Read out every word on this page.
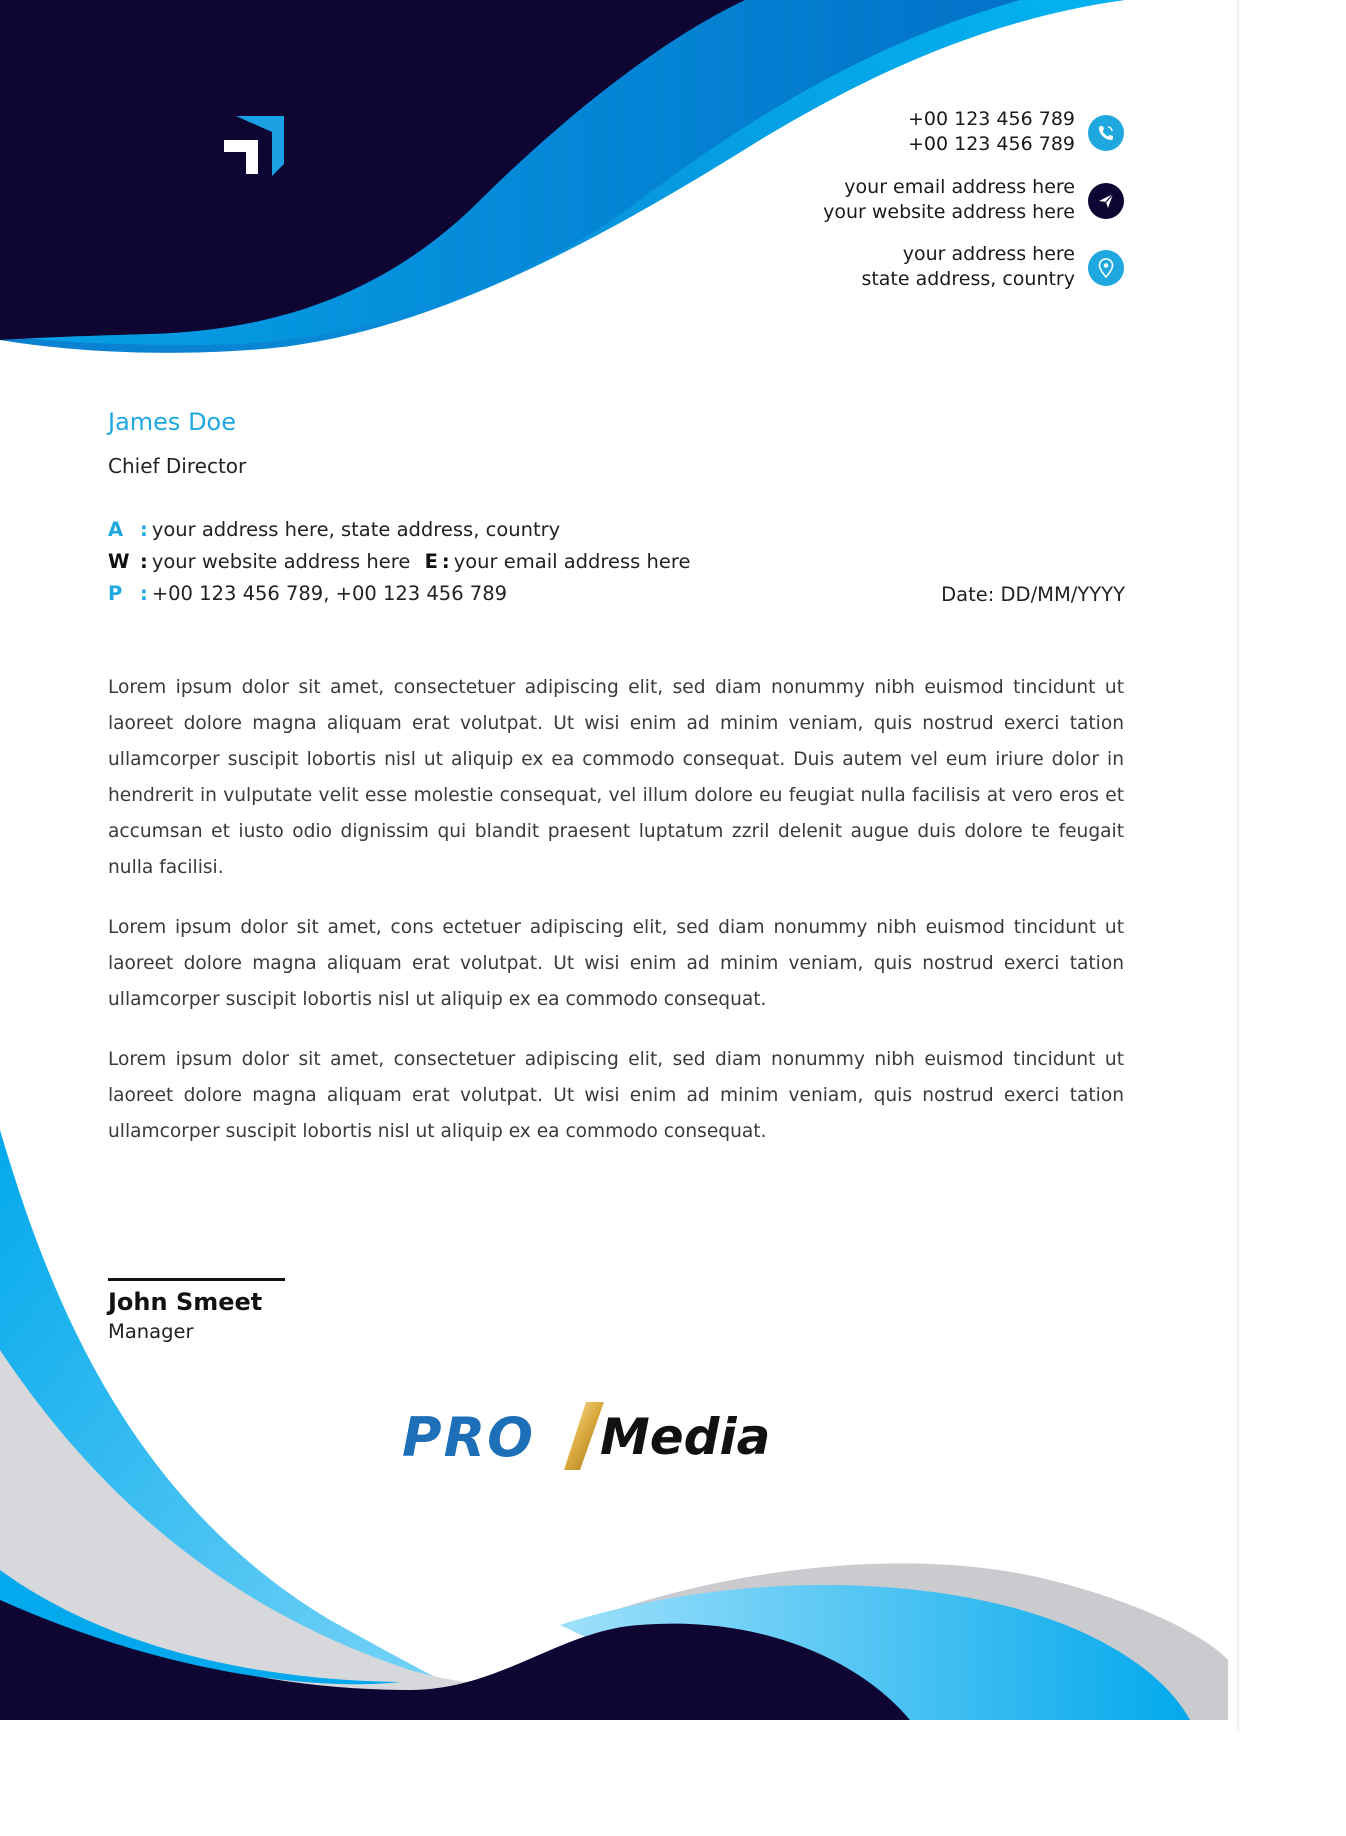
+00 123 456 789
+00 123 456 789
your email address here
your website address here
your address here
state address, country
James Doe
Chief Director
A : your address here, state address, country
W : your website address here E : your email address here
P : +00 123 456 789, +00 123 456 789	Date: DD/MM/YYYY

Lorem ipsum dolor sit amet, consectetuer adipiscing elit, sed diam nonummy nibh euismod tincidunt ut laoreet dolore magna aliquam erat volutpat. Ut wisi enim ad minim veniam, quis nostrud exerci tation ullamcorper suscipit lobortis nisl ut aliquip ex ea commodo consequat. Duis autem vel eum iriure dolor in hendrerit in vulputate velit esse molestie consequat, vel illum dolore eu feugiat nulla facilisis at vero eros et accumsan et iusto odio dignissim qui blandit praesent luptatum zzril delenit augue duis dolore te feugait nulla facilisi.

Lorem ipsum dolor sit amet, cons ectetuer adipiscing elit, sed diam nonummy nibh euismod tincidunt ut laoreet dolore magna aliquam erat volutpat. Ut wisi enim ad minim veniam, quis nostrud exerci tation ullamcorper suscipit lobortis nisl ut aliquip ex ea commodo consequat.

Lorem ipsum dolor sit amet, consectetuer adipiscing elit, sed diam nonummy nibh euismod tincidunt ut laoreet dolore magna aliquam erat volutpat. Ut wisi enim ad minim veniam, quis nostrud exerci tation ullamcorper suscipit lobortis nisl ut aliquip ex ea commodo consequat.

John Smeet
Manager
PRO Media
